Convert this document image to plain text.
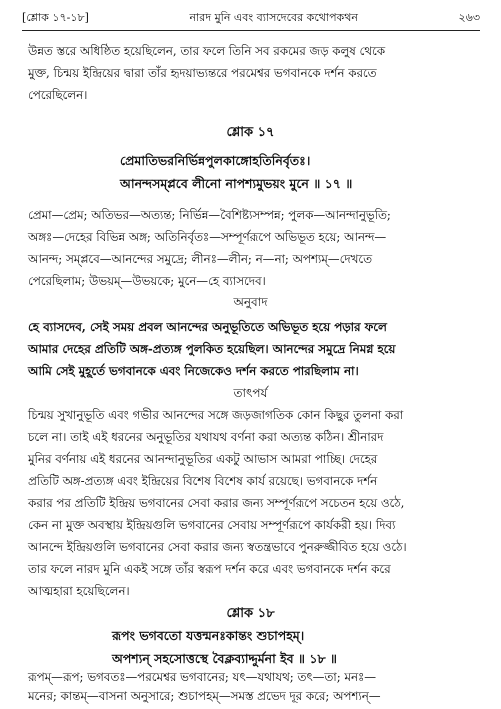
[শ্লোক ১৭-১৮]	নারদ মুনি এবং ব্যাসদেবের কথোপকথন	২৬৩
উন্নত স্তরে অধিষ্ঠিত হয়েছিলেন, তার ফলে তিনি সব রকমের জড় কলুষ থেকে
মুক্ত, চিন্ময় ইন্দ্রিয়ের দ্বারা তাঁর হৃদয়াভ্যন্তরে পরমেশ্বর ভগবানকে দর্শন করতে
পেরেছিলেন।
শ্লোক ১৭
প্রেমাতিভরনির্ভিন্নপুলকাঙ্গোহতিনির্বৃতঃ।
আনন্দসম্প্লবে লীনো নাপশ্যমুভয়ং মুনে ॥ ১৭ ॥
প্রেমা—প্রেম; অতিভর—অত্যন্ত; নির্ভিন্ন—বৈশিষ্ট্যসম্পন্ন; পুলক—আনন্দানুভূতি;
অঙ্গঃ—দেহের বিভিন্ন অঙ্গ; অতিনির্বৃতঃ—সম্পূর্ণরূপে অভিভূত হয়ে; আনন্দ—
আনন্দ; সম্প্লবে—আনন্দের সমুদ্রে; লীনঃ—লীন; ন—না; অপশ্যম্—দেখতে
পেরেছিলাম; উভয়ম্—উভয়কে; মুনে—হে ব্যাসদেব।
অনুবাদ
হে ব্যাসদেব, সেই সময় প্রবল আনন্দের অনুভূতিতে অভিভূত হয়ে পড়ার ফলে
আমার দেহের প্রতিটি অঙ্গ-প্রত্যঙ্গ পুলকিত হয়েছিল। আনন্দের সমুদ্রে নিমগ্ন হয়ে
আমি সেই মুহূর্তে ভগবানকে এবং নিজেকেও দর্শন করতে পারছিলাম না।
তাৎপর্য
চিন্ময় সুখানুভূতি এবং গভীর আনন্দের সঙ্গে জড়জাগতিক কোন কিছুর তুলনা করা
চলে না। তাই এই ধরনের অনুভূতির যথাযথ বর্ণনা করা অত্যন্ত কঠিন। শ্রীনারদ
মুনির বর্ণনায় এই ধরনের আনন্দানুভূতির একটু আভাস আমরা পাচ্ছি। দেহের
প্রতিটি অঙ্গ-প্রত্যঙ্গ এবং ইন্দ্রিয়ের বিশেষ বিশেষ কার্য রয়েছে। ভগবানকে দর্শন
করার পর প্রতিটি ইন্দ্রিয় ভগবানের সেবা করার জন্য সম্পূর্ণরূপে সচেতন হয়ে ওঠে,
কেন না মুক্ত অবস্থায় ইন্দ্রিয়গুলি ভগবানের সেবায় সম্পূর্ণরূপে কার্যকরী হয়। দিব্য
আনন্দে ইন্দ্রিয়গুলি ভগবানের সেবা করার জন্য স্বতন্ত্রভাবে পুনরুজ্জীবিত হয়ে ওঠে।
তার ফলে নারদ মুনি একই সঙ্গে তাঁর স্বরূপ দর্শন করে এবং ভগবানকে দর্শন করে
আত্মহারা হয়েছিলেন।
শ্লোক ১৮
রূপং ভগবতো যত্তন্মনঃকান্তং শুচাপহম্।
অপশ্যন্ সহসোত্তস্থে বৈক্লব্যাদ্দুর্মনা ইব ॥ ১৮ ॥
রূপম্—রূপ; ভগবতঃ—পরমেশ্বর ভগবানের; যৎ—যথাযথ; তৎ—তা; মনঃ—
মনের; কান্তম্—বাসনা অনুসারে; শুচাপহম্—সমস্ত প্রভেদ দূর করে; অপশ্যন্—
